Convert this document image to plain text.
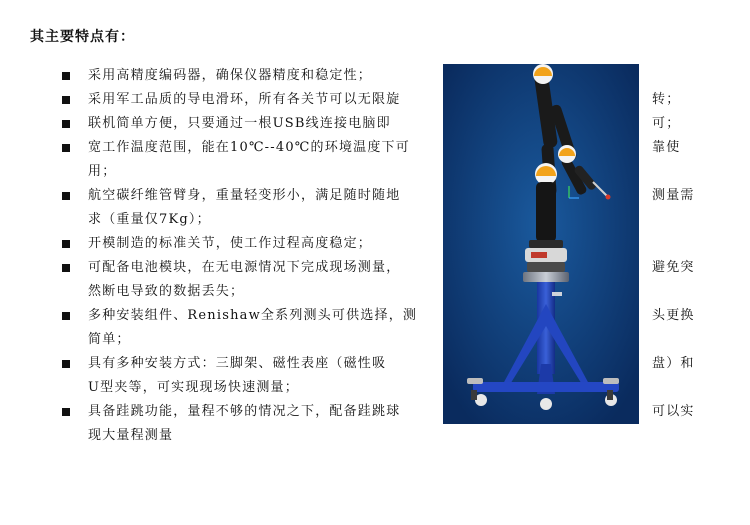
其主要特点有：
采用高精度编码器，确保仪器精度和稳定性；
采用军工品质的导电滑环，所有各关节可以无限旋
联机简单方便，只要通过一根USB线连接电脑即
宽工作温度范围，能在10℃--40℃的环境温度下可
用；
航空碳纤维管臂身，重量轻变形小，满足随时随地
求（重量仅7Kg）；
开模制造的标准关节，使工作过程高度稳定；
可配备电池模块，在无电源情况下完成现场测量，
然断电导致的数据丢失；
多种安装组件、Renishaw全系列测头可供选择，测
简单；
具有多种安装方式：三脚架、磁性表座（磁性吸
U型夹等，可实现现场快速测量；
具备跬跳功能，量程不够的情况之下，配备跬跳球
现大量程测量
转；
可；
靠使
测量需
避免突
头更换
盘）和
可以实
